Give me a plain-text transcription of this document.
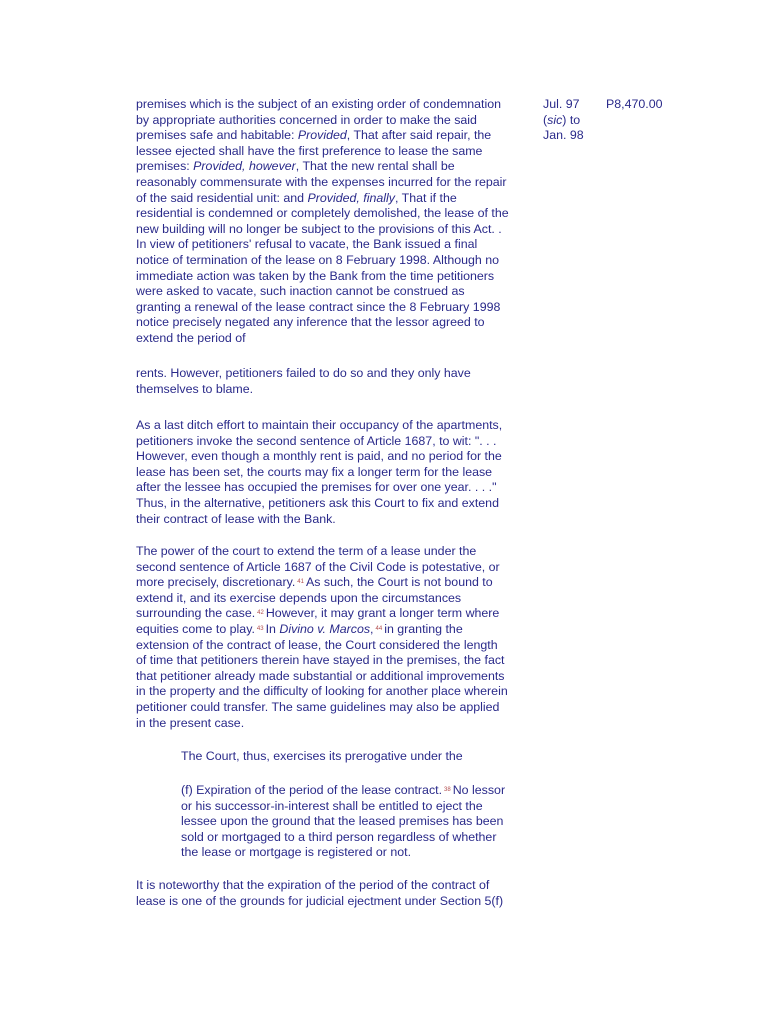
Jul. 97
(sic) to
Jan. 98

P8,470.00

premises which is the subject of an existing order of condemnation
by appropriate authorities concerned in order to make the said
premises safe and habitable: Provided, That after said repair, the
lessee ejected shall have the first preference to lease the same
premises: Provided, however, That the new rental shall be
reasonably commensurate with the expenses incurred for the repair
of the said residential unit: and Provided, finally, That if the
residential is condemned or completely demolished, the lease of the
new building will no longer be subject to the provisions of this Act. .
In view of petitioners' refusal to vacate, the Bank issued a final
notice of termination of the lease on 8 February 1998. Although no
immediate action was taken by the Bank from the time petitioners
were asked to vacate, such inaction cannot be construed as
granting a renewal of the lease contract since the 8 February 1998
notice precisely negated any inference that the lessor agreed to
extend the period of

rents. However, petitioners failed to do so and they only have
themselves to blame.

As a last ditch effort to maintain their occupancy of the apartments,
petitioners invoke the second sentence of Article 1687, to wit: ". . .
However, even though a monthly rent is paid, and no period for the
lease has been set, the courts may fix a longer term for the lease
after the lessee has occupied the premises for over one year. . . ."
Thus, in the alternative, petitioners ask this Court to fix and extend
their contract of lease with the Bank.

The power of the court to extend the term of a lease under the
second sentence of Article 1687 of the Civil Code is potestative, or
more precisely, discretionary. $^{41}$ As such, the Court is not bound to
extend it, and its exercise depends upon the circumstances
surrounding the case. $^{42}$ However, it may grant a longer term where
equities come to play. $^{43}$ In Divino v. Marcos, $^{44}$ in granting the
extension of the contract of lease, the Court considered the length
of time that petitioners therein have stayed in the premises, the fact
that petitioner already made substantial or additional improvements
in the property and the difficulty of looking for another place wherein
petitioner could transfer. The same guidelines may also be applied
in the present case.

The Court, thus, exercises its prerogative under the

(f) Expiration of the period of the lease contract. $^{38}$ No lessor
or his successor-in-interest shall be entitled to eject the
lessee upon the ground that the leased premises has been
sold or mortgaged to a third person regardless of whether
the lease or mortgage is registered or not.

It is noteworthy that the expiration of the period of the contract of
lease is one of the grounds for judicial ejectment under Section 5(f)
